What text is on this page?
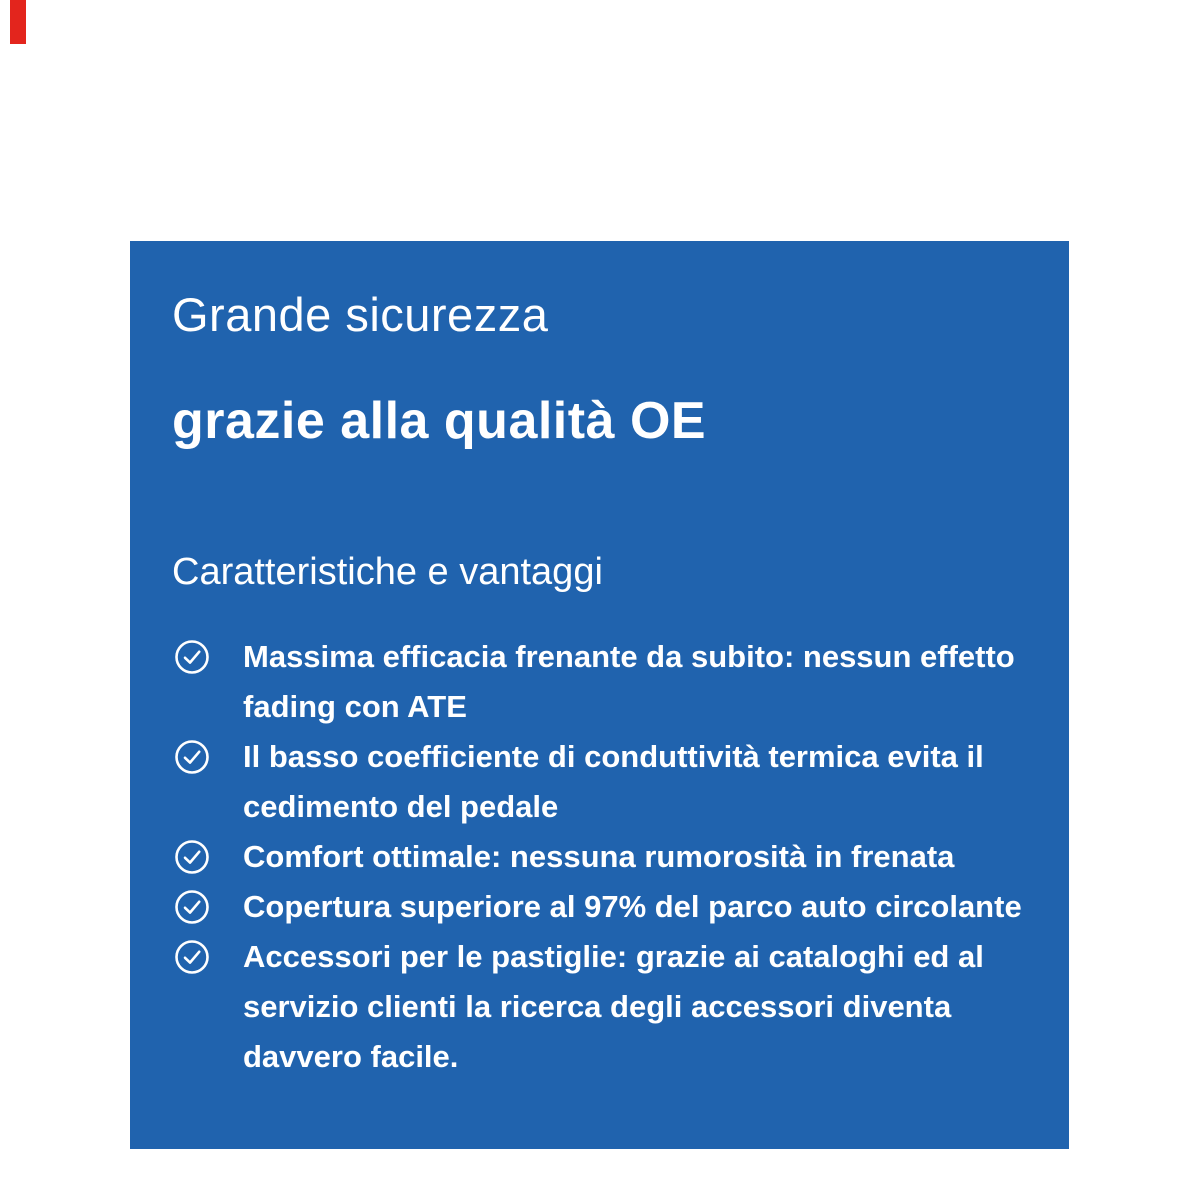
Grande sicurezza
grazie alla qualità OE
Caratteristiche e vantaggi
Massima efficacia frenante da subito: nessun effetto
fading con ATE
Il basso coefficiente di conduttività termica evita il
cedimento del pedale
Comfort ottimale: nessuna rumorosità in frenata
Copertura superiore al 97% del parco auto circolante
Accessori per le pastiglie: grazie ai cataloghi ed al
servizio clienti la ricerca degli accessori diventa
davvero facile.
